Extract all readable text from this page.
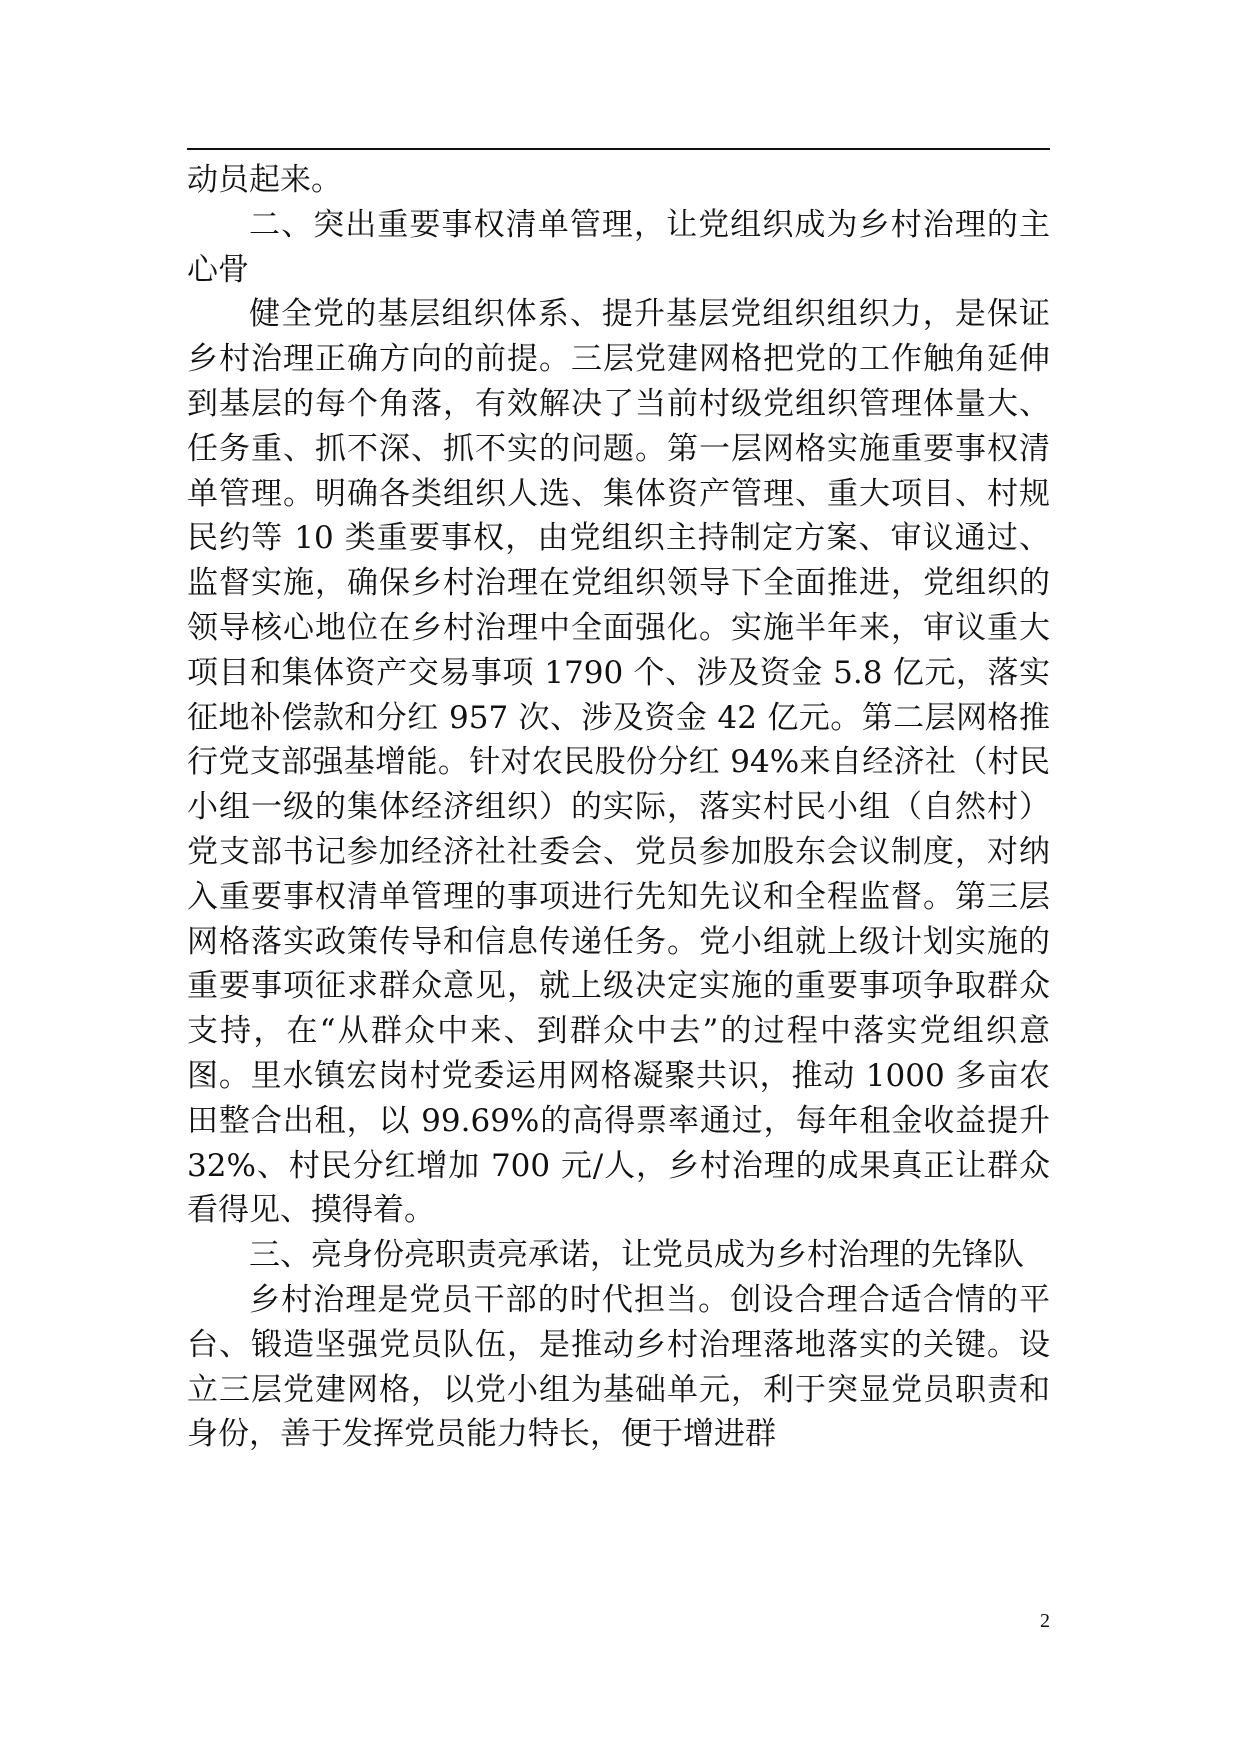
动员起来。

二、突出重要事权清单管理，让党组织成为乡村治理的主心骨

健全党的基层组织体系、提升基层党组织组织力，是保证乡村治理正确方向的前提。三层党建网格把党的工作触角延伸到基层的每个角落，有效解决了当前村级党组织管理体量大、任务重、抓不深、抓不实的问题。第一层网格实施重要事权清单管理。明确各类组织人选、集体资产管理、重大项目、村规民约等 10 类重要事权，由党组织主持制定方案、审议通过、监督实施，确保乡村治理在党组织领导下全面推进，党组织的领导核心地位在乡村治理中全面强化。实施半年来，审议重大项目和集体资产交易事项 1790 个、涉及资金 5.8 亿元，落实征地补偿款和分红 957 次、涉及资金 42 亿元。第二层网格推行党支部强基增能。针对农民股份分红 94%来自经济社（村民小组一级的集体经济组织）的实际，落实村民小组（自然村）党支部书记参加经济社社委会、党员参加股东会议制度，对纳入重要事权清单管理的事项进行先知先议和全程监督。第三层网格落实政策传导和信息传递任务。党小组就上级计划实施的重要事项征求群众意见，就上级决定实施的重要事项争取群众支持，在“从群众中来、到群众中去”的过程中落实党组织意图。里水镇宏岗村党委运用网格凝聚共识，推动 1000 多亩农田整合出租，以 99.69%的高得票率通过，每年租金收益提升 32%、村民分红增加 700 元/人，乡村治理的成果真正让群众看得见、摸得着。

三、亮身份亮职责亮承诺，让党员成为乡村治理的先锋队

乡村治理是党员干部的时代担当。创设合理合适合情的平台、锻造坚强党员队伍，是推动乡村治理落地落实的关键。设立三层党建网格，以党小组为基础单元，利于突显党员职责和身份，善于发挥党员能力特长，便于增进群

2
